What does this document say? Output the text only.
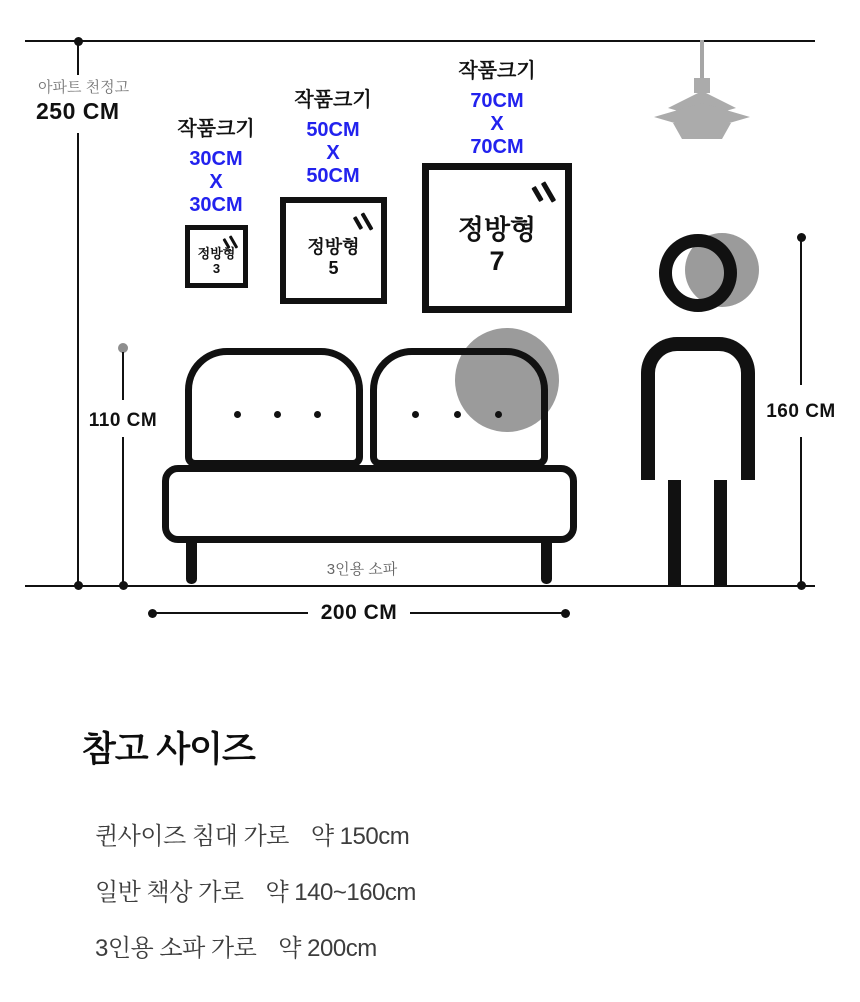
아파트 천정고
250 CM
작품크기
30CM
X
30CM
정방형
3
작품크기
50CM
X
50CM
정방형
5
작품크기
70CM
X
70CM
정방형
7
3인용 소파
110 CM
200 CM
160 CM
참고 사이즈
퀸사이즈 침대 가로 약 150cm
일반 책상 가로 약 140~160cm
3인용 소파 가로 약 200cm
